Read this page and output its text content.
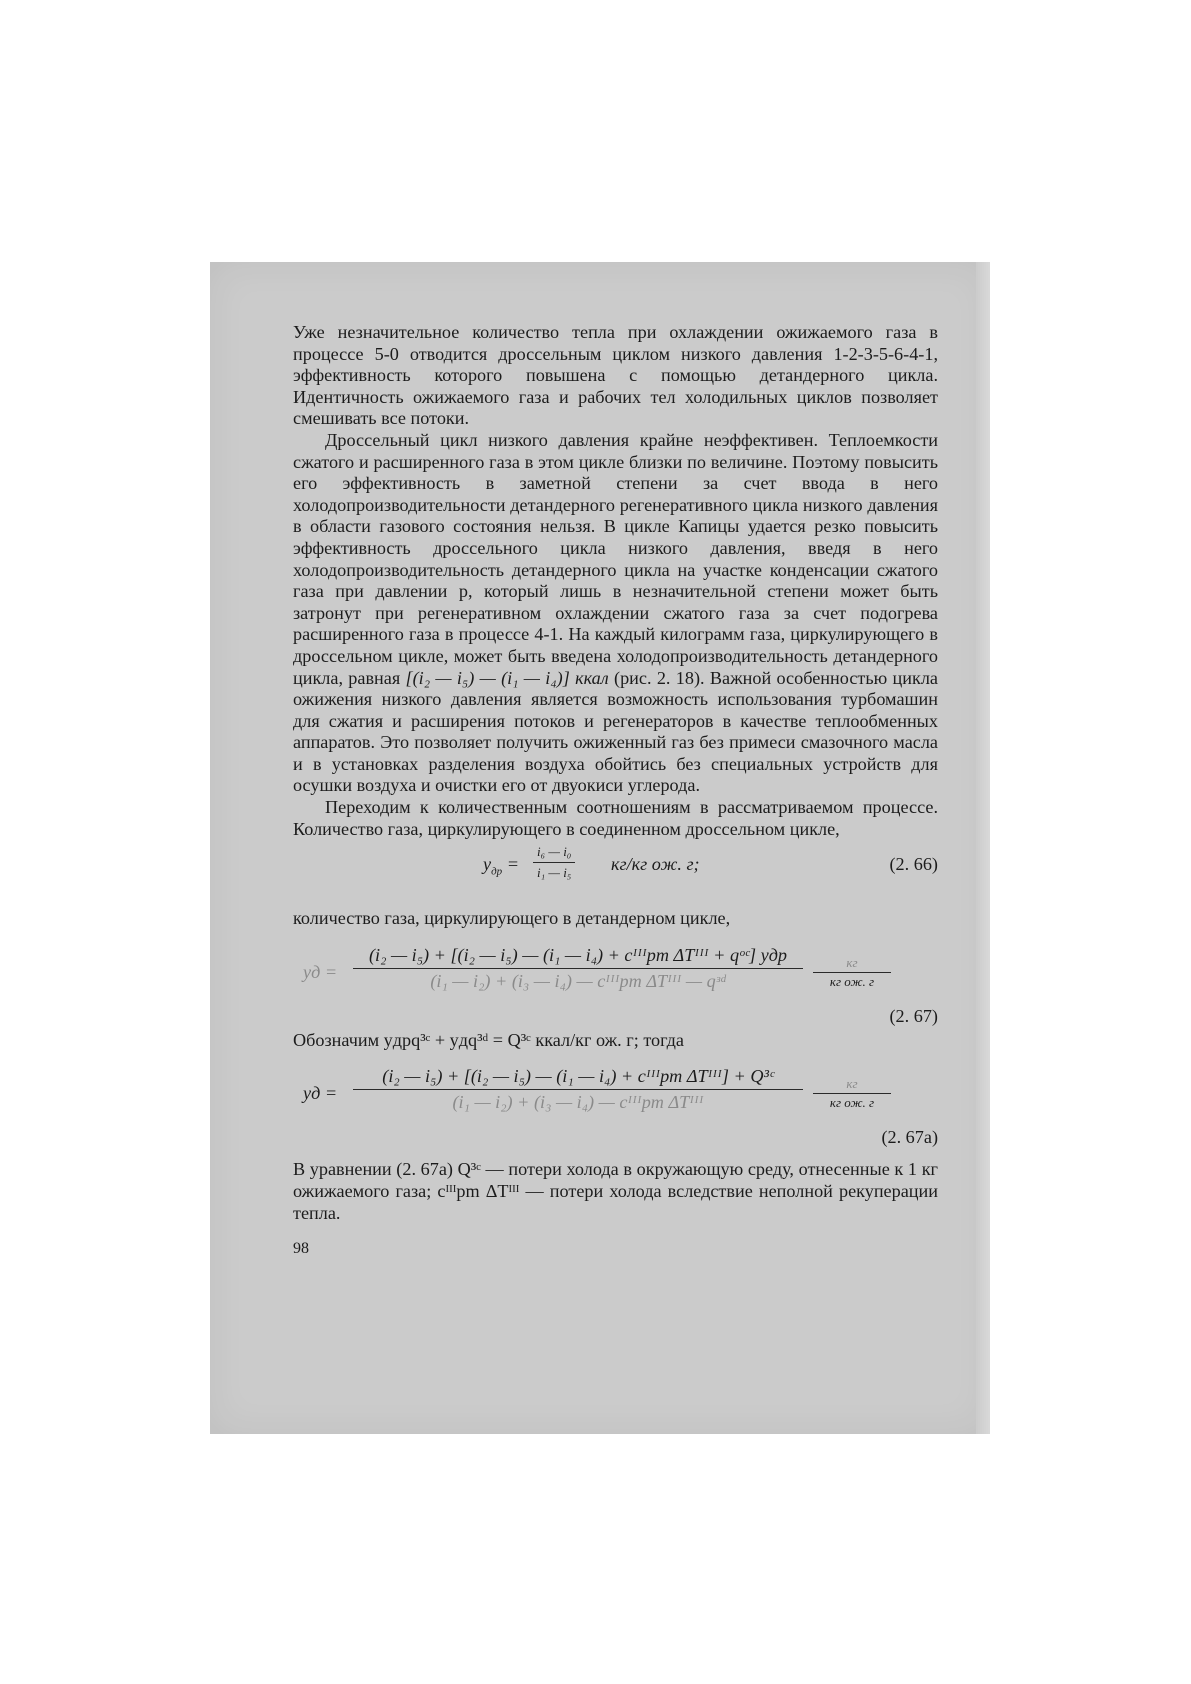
Уже незначительное количество тепла при охлаждении ожижаемого газа в процессе 5-0 отводится дроссельным циклом низкого давления 1-2-3-5-6-4-1, эффективность которого повышена с помощью детандерного цикла. Идентичность ожижаемого газа и рабочих тел холодильных циклов позволяет смешивать все потоки.

Дроссельный цикл низкого давления крайне неэффективен. Теплоемкости сжатого и расширенного газа в этом цикле близки по величине. Поэтому повысить его эффективность в заметной степени за счет ввода в него холодопроизводительности детандерного регенеративного цикла низкого давления в области газового состояния нельзя. В цикле Капицы удается резко повысить эффективность дроссельного цикла низкого давления, введя в него холодопроизводительность детандерного цикла на участке конденсации сжатого газа при давлении p, который лишь в незначительной степени может быть затронут при регенеративном охлаждении сжатого газа за счет подогрева расширенного газа в процессе 4-1. На каждый килограмм газа, циркулирующего в дроссельном цикле, может быть введена холодопроизводительность детандерного цикла, равная [(i₂ — i₅) — (i₁ — i₄)] ккал (рис. 2. 18). Важной особенностью цикла ожижения низкого давления является возможность использования турбомашин для сжатия и расширения потоков и регенераторов в качестве теплообменных аппаратов. Это позволяет получить ожиженный газ без примеси смазочного масла и в установках разделения воздуха обойтись без специальных устройств для осушки воздуха и очистки его от двуокиси углерода.

Переходим к количественным соотношениям в рассматриваемом процессе. Количество газа, циркулирующего в соединенном дроссельном цикле,

$y_{др} = \frac{\text{i₆ — i₀}}{\text{i₁ — i₅}} кг/кг$ ож. г;	(2. 66)

количество газа, циркулирующего в детандерном цикле,

yд =
(i₂ — i₅) + [(i₂ — i₅) — (i₁ — i₄) + cᴵᴵᴵpm ΔTᴵᴵᴵ + qᵒᶜ] yдр
(i₁ — i₂) + (i₃ — i₄) — cᴵᴵᴵpm ΔTᴵᴵᴵ — qᵌᵈ
кг
кг ож. г
(2. 67)

Обозначим yдрq³ᶜ + yдq³ᵈ = Q³ᶜ ккал/кг ож. г; тогда

yд =
(i₂ — i₅) + [(i₂ — i₅) — (i₁ — i₄) + cᴵᴵᴵpm ΔTᴵᴵᴵ] + Q³ᶜ
(i₁ — i₂) + (i₃ — i₄) — cᴵᴵᴵpm ΔTᴵᴵᴵ
кг
кг ож. г
(2. 67а)

В уравнении (2. 67а) Q³ᶜ — потери холода в окружающую среду, отнесенные к 1 кг ожижаемого газа; cᴵᴵᴵpm ΔTᴵᴵᴵ — потери холода вследствие неполной рекуперации тепла.

98
